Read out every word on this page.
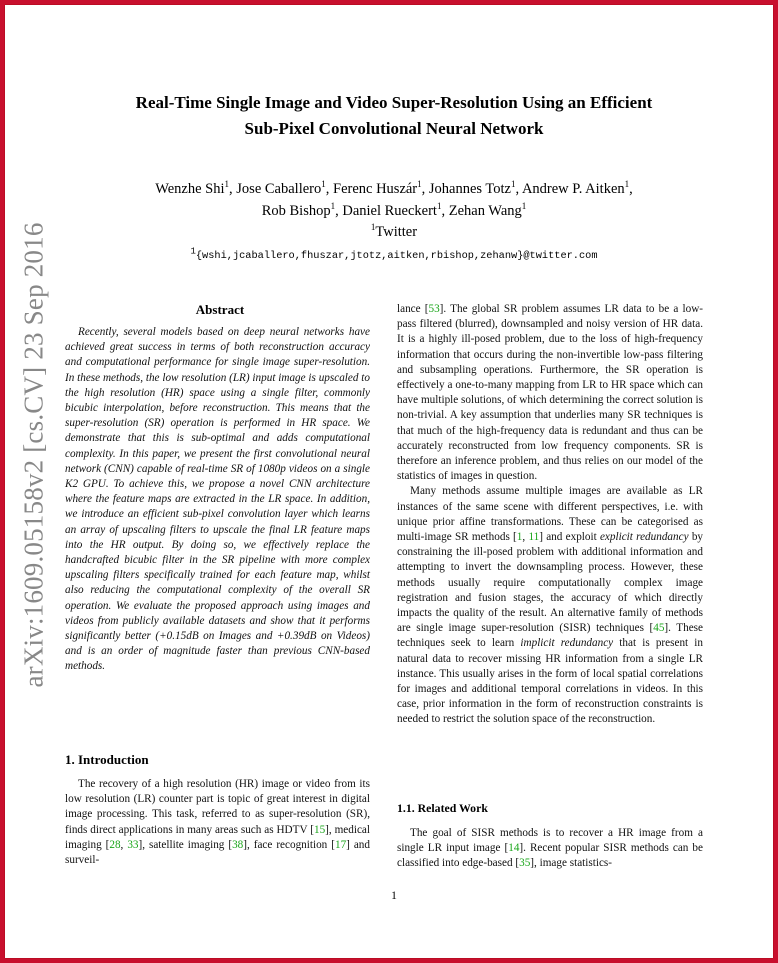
arXiv:1609.05158v2 [cs.CV] 23 Sep 2016
Real-Time Single Image and Video Super-Resolution Using an Efficient
Sub-Pixel Convolutional Neural Network
Wenzhe Shi$^1$, Jose Caballero$^1$, Ferenc Huszár$^1$, Johannes Totz$^1$, Andrew P. Aitken$^1$,
Rob Bishop$^1$, Daniel Rueckert$^1$, Zehan Wang$^1$
$^1$Twitter
$^1${wshi,jcaballero,fhuszar,jtotz,aitken,rbishop,zehanw}@twitter.com
Abstract

Recently, several models based on deep neural networks have achieved great success in terms of both reconstruction accuracy and computational performance for single image super-resolution. In these methods, the low resolution (LR) input image is upscaled to the high resolution (HR) space using a single filter, commonly bicubic interpolation, before reconstruction. This means that the super-resolution (SR) operation is performed in HR space. We demonstrate that this is sub-optimal and adds computational complexity. In this paper, we present the first convolutional neural network (CNN) capable of real-time SR of 1080p videos on a single K2 GPU. To achieve this, we propose a novel CNN architecture where the feature maps are extracted in the LR space. In addition, we introduce an efficient sub-pixel convolution layer which learns an array of upscaling filters to upscale the final LR feature maps into the HR output. By doing so, we effectively replace the handcrafted bicubic filter in the SR pipeline with more complex upscaling filters specifically trained for each feature map, whilst also reducing the computational complexity of the overall SR operation. We evaluate the proposed approach using images and videos from publicly available datasets and show that it performs significantly better (+0.15dB on Images and +0.39dB on Videos) and is an order of magnitude faster than previous CNN-based methods.

1. Introduction

The recovery of a high resolution (HR) image or video from its low resolution (LR) counter part is topic of great interest in digital image processing. This task, referred to as super-resolution (SR), finds direct applications in many areas such as HDTV [15], medical imaging [28, 33], satellite imaging [38], face recognition [17] and surveil-

lance [53]. The global SR problem assumes LR data to be a low-pass filtered (blurred), downsampled and noisy version of HR data. It is a highly ill-posed problem, due to the loss of high-frequency information that occurs during the non-invertible low-pass filtering and subsampling operations. Furthermore, the SR operation is effectively a one-to-many mapping from LR to HR space which can have multiple solutions, of which determining the correct solution is non-trivial. A key assumption that underlies many SR techniques is that much of the high-frequency data is redundant and thus can be accurately reconstructed from low frequency components. SR is therefore an inference problem, and thus relies on our model of the statistics of images in question.

Many methods assume multiple images are available as LR instances of the same scene with different perspectives, i.e. with unique prior affine transformations. These can be categorised as multi-image SR methods [1, 11] and exploit explicit redundancy by constraining the ill-posed problem with additional information and attempting to invert the downsampling process. However, these methods usually require computationally complex image registration and fusion stages, the accuracy of which directly impacts the quality of the result. An alternative family of methods are single image super-resolution (SISR) techniques [45]. These techniques seek to learn implicit redundancy that is present in natural data to recover missing HR information from a single LR instance. This usually arises in the form of local spatial correlations for images and additional temporal correlations in videos. In this case, prior information in the form of reconstruction constraints is needed to restrict the solution space of the reconstruction.

1.1. Related Work

The goal of SISR methods is to recover a HR image from a single LR input image [14]. Recent popular SISR methods can be classified into edge-based [35], image statistics-

1
